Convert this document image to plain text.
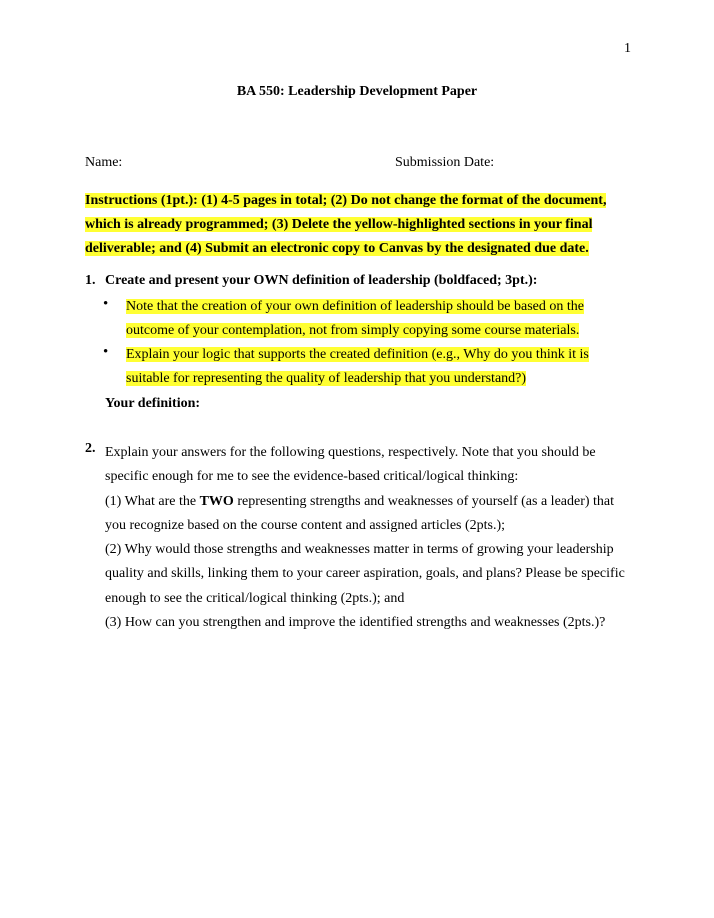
1
BA 550: Leadership Development Paper
Name:	Submission Date:
Instructions (1pt.): (1) 4-5 pages in total; (2) Do not change the format of the document, which is already programmed; (3) Delete the yellow-highlighted sections in your final deliverable; and (4) Submit an electronic copy to Canvas by the designated due date.
1. Create and present your OWN definition of leadership (boldfaced; 3pt.):
• Note that the creation of your own definition of leadership should be based on the outcome of your contemplation, not from simply copying some course materials.
• Explain your logic that supports the created definition (e.g., Why do you think it is suitable for representing the quality of leadership that you understand?)
Your definition:
2. Explain your answers for the following questions, respectively. Note that you should be specific enough for me to see the evidence-based critical/logical thinking:

(1) What are the TWO representing strengths and weaknesses of yourself (as a leader) that you recognize based on the course content and assigned articles (2pts.);

(2) Why would those strengths and weaknesses matter in terms of growing your leadership quality and skills, linking them to your career aspiration, goals, and plans? Please be specific enough to see the critical/logical thinking (2pts.); and

(3) How can you strengthen and improve the identified strengths and weaknesses (2pts.)?
